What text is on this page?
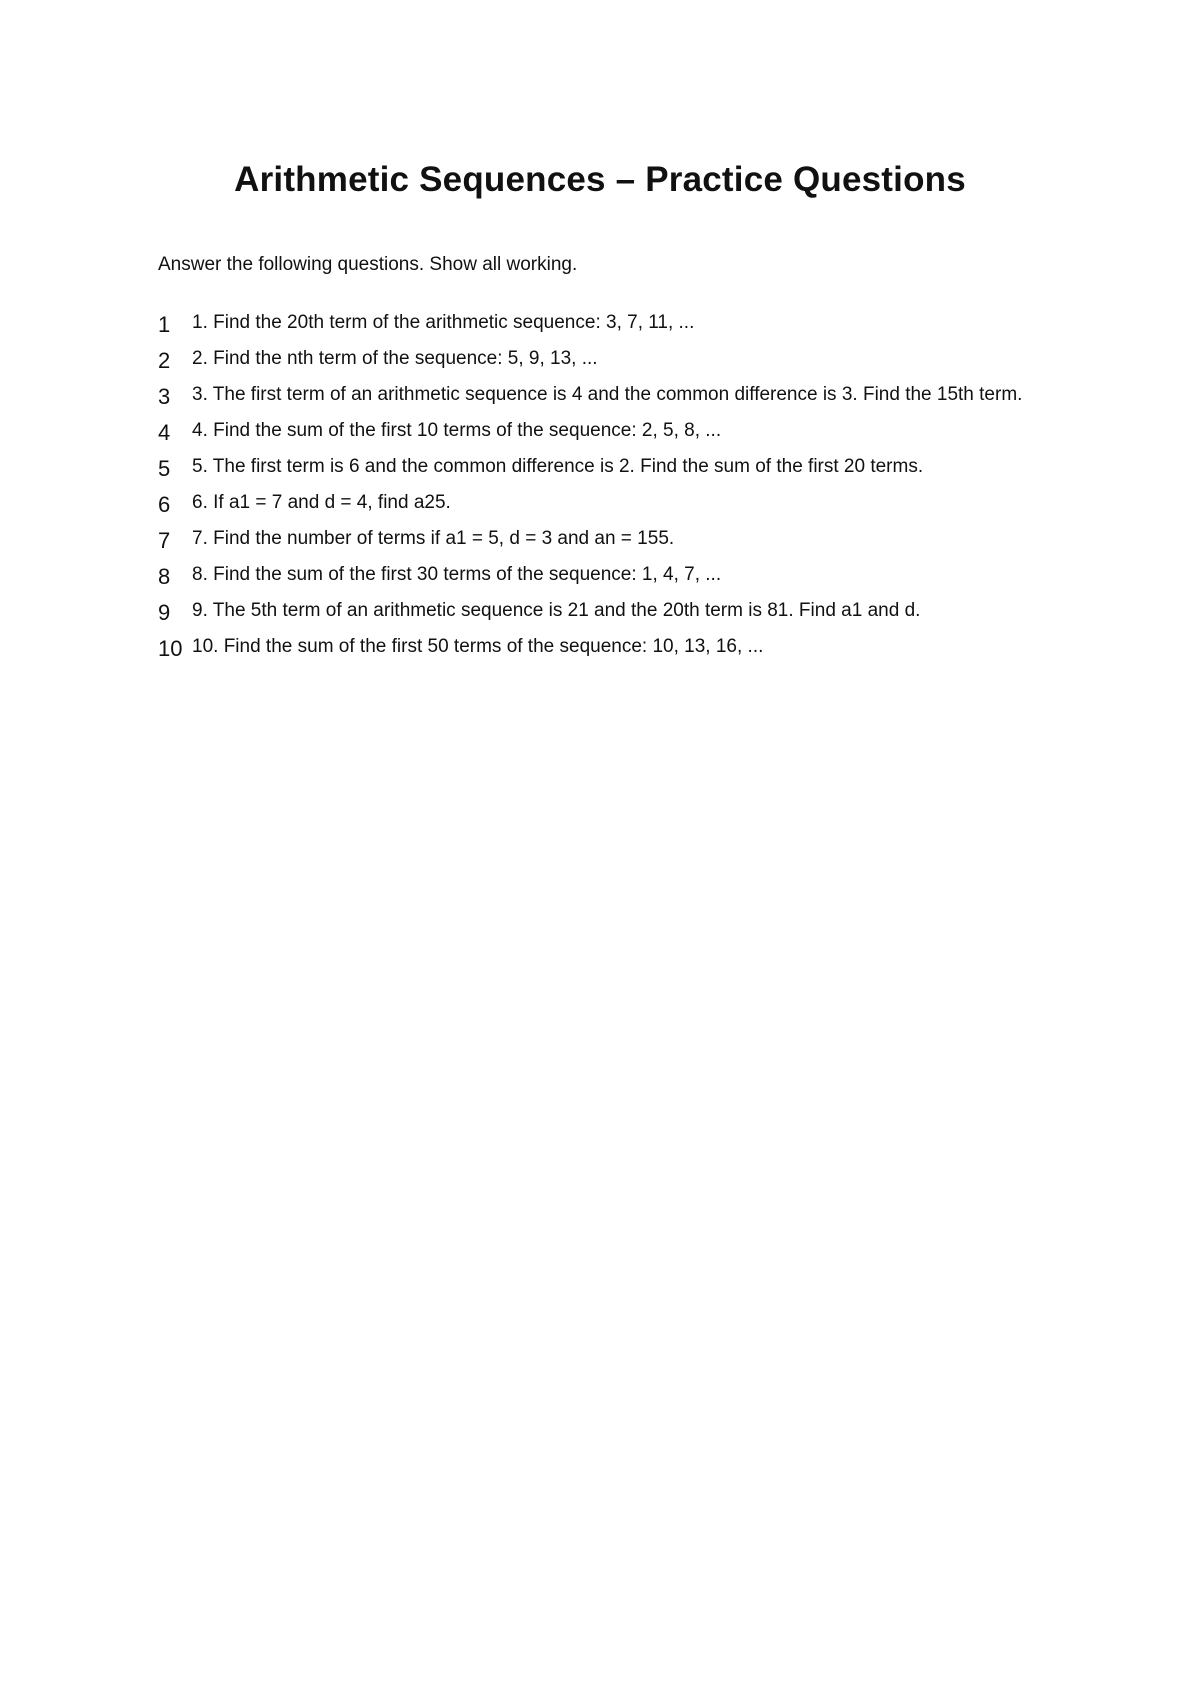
Arithmetic Sequences – Practice Questions

Answer the following questions. Show all working.

1 1. Find the 20th term of the arithmetic sequence: 3, 7, 11, ...
2 2. Find the nth term of the sequence: 5, 9, 13, ...
3 3. The first term of an arithmetic sequence is 4 and the common difference is 3. Find the 15th term.
4 4. Find the sum of the first 10 terms of the sequence: 2, 5, 8, ...
5 5. The first term is 6 and the common difference is 2. Find the sum of the first 20 terms.
6 6. If a1 = 7 and d = 4, find a25.
7 7. Find the number of terms if a1 = 5, d = 3 and an = 155.
8 8. Find the sum of the first 30 terms of the sequence: 1, 4, 7, ...
9 9. The 5th term of an arithmetic sequence is 21 and the 20th term is 81. Find a1 and d.
10 10. Find the sum of the first 50 terms of the sequence: 10, 13, 16, ...
